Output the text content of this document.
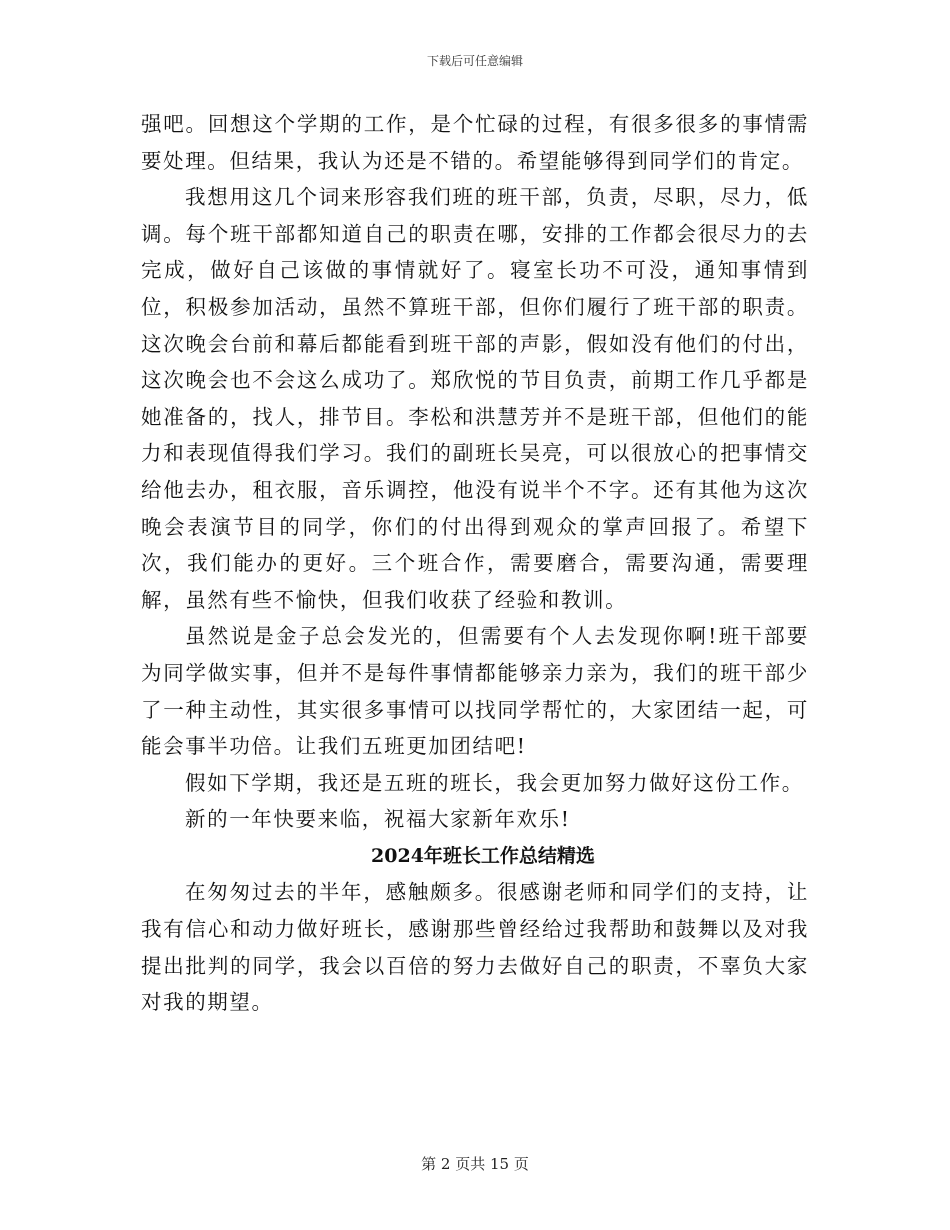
下载后可任意编辑

强吧。回想这个学期的工作，是个忙碌的过程，有很多很多的事情需要处理。但结果，我认为还是不错的。希望能够得到同学们的肯定。

我想用这几个词来形容我们班的班干部，负责，尽职，尽力，低调。每个班干部都知道自己的职责在哪，安排的工作都会很尽力的去完成，做好自己该做的事情就好了。寝室长功不可没，通知事情到位，积极参加活动，虽然不算班干部，但你们履行了班干部的职责。这次晚会台前和幕后都能看到班干部的声影，假如没有他们的付出，这次晚会也不会这么成功了。郑欣悦的节目负责，前期工作几乎都是她准备的，找人，排节目。李松和洪慧芳并不是班干部，但他们的能力和表现值得我们学习。我们的副班长吴亮，可以很放心的把事情交给他去办，租衣服，音乐调控，他没有说半个不字。还有其他为这次晚会表演节目的同学，你们的付出得到观众的掌声回报了。希望下次，我们能办的更好。三个班合作，需要磨合，需要沟通，需要理解，虽然有些不愉快，但我们收获了经验和教训。

虽然说是金子总会发光的，但需要有个人去发现你啊!班干部要为同学做实事，但并不是每件事情都能够亲力亲为，我们的班干部少了一种主动性，其实很多事情可以找同学帮忙的，大家团结一起，可能会事半功倍。让我们五班更加团结吧!

假如下学期，我还是五班的班长，我会更加努力做好这份工作。

新的一年快要来临，祝福大家新年欢乐!

2024年班长工作总结精选

在匆匆过去的半年，感触颇多。很感谢老师和同学们的支持，让我有信心和动力做好班长，感谢那些曾经给过我帮助和鼓舞以及对我提出批判的同学，我会以百倍的努力去做好自己的职责，不辜负大家对我的期望。

第 2 页共 15 页
